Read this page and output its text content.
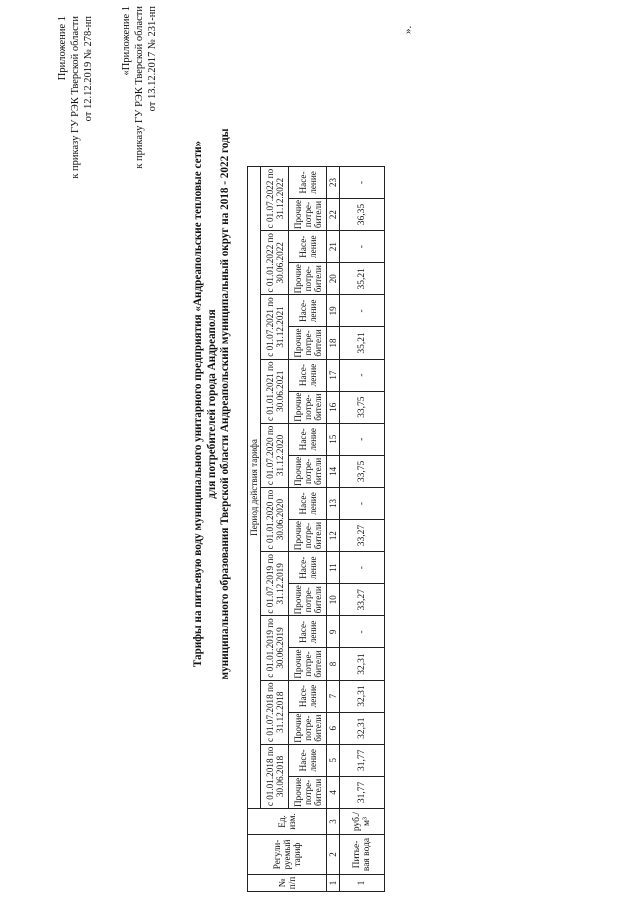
Приложение 1 к приказу ГУ РЭК Тверской области от 12.12.2019 № 278-нп	«Приложение 1 к приказу ГУ РЭК Тверской области от 13.12.2017 № 231-нп
Тарифы на питьевую воду муниципального унитарного предприятия «Андреапольские тепловые сети» для потребителей города Андреаполя муниципального образования Тверской области Андреапольский муниципальный округ на 2018 - 2022 годы
№ п/п	Регули-руемый тариф	Ед. изм.	Период действия тарифа																			
			с 01.01.2018 по 30.06.2018		с 01.07.2018 по 31.12.2018		с 01.01.2019 по 30.06.2019		с 01.07.2019 по 31.12.2019		с 01.01.2020 по 30.06.2020		с 01.07.2020 по 31.12.2020		с 01.01.2021 по 30.06.2021		с 01.07.2021 по 31.12.2021		с 01.01.2022 по 30.06.2022		с 01.07.2022 по 31.12.2022	
			Прочие потре-бители	Насе-ление	Прочие потре-бители	Насе-ление	Прочие потре-бители	Насе-ление	Прочие потре-бители	Насе-ление	Прочие потре-бители	Насе-ление	Прочие потре-бители	Насе-ление	Прочие потре-бители	Насе-ление	Прочие потре-бители	Насе-ление	Прочие потре-бители	Насе-ление	Прочие потре-бители	Насе-ление
1	2	3	4	5	6	7	8	9	10	11	12	13	14	15	16	17	18	19	20	21	22	23
1	Питье-вая вода	руб./м³	31,77	31,77	32,31	32,31	32,31	-	33,27	-	33,27	-	33,75	-	33,75	-	35,21	-	35,21	-	36,35	-
».
